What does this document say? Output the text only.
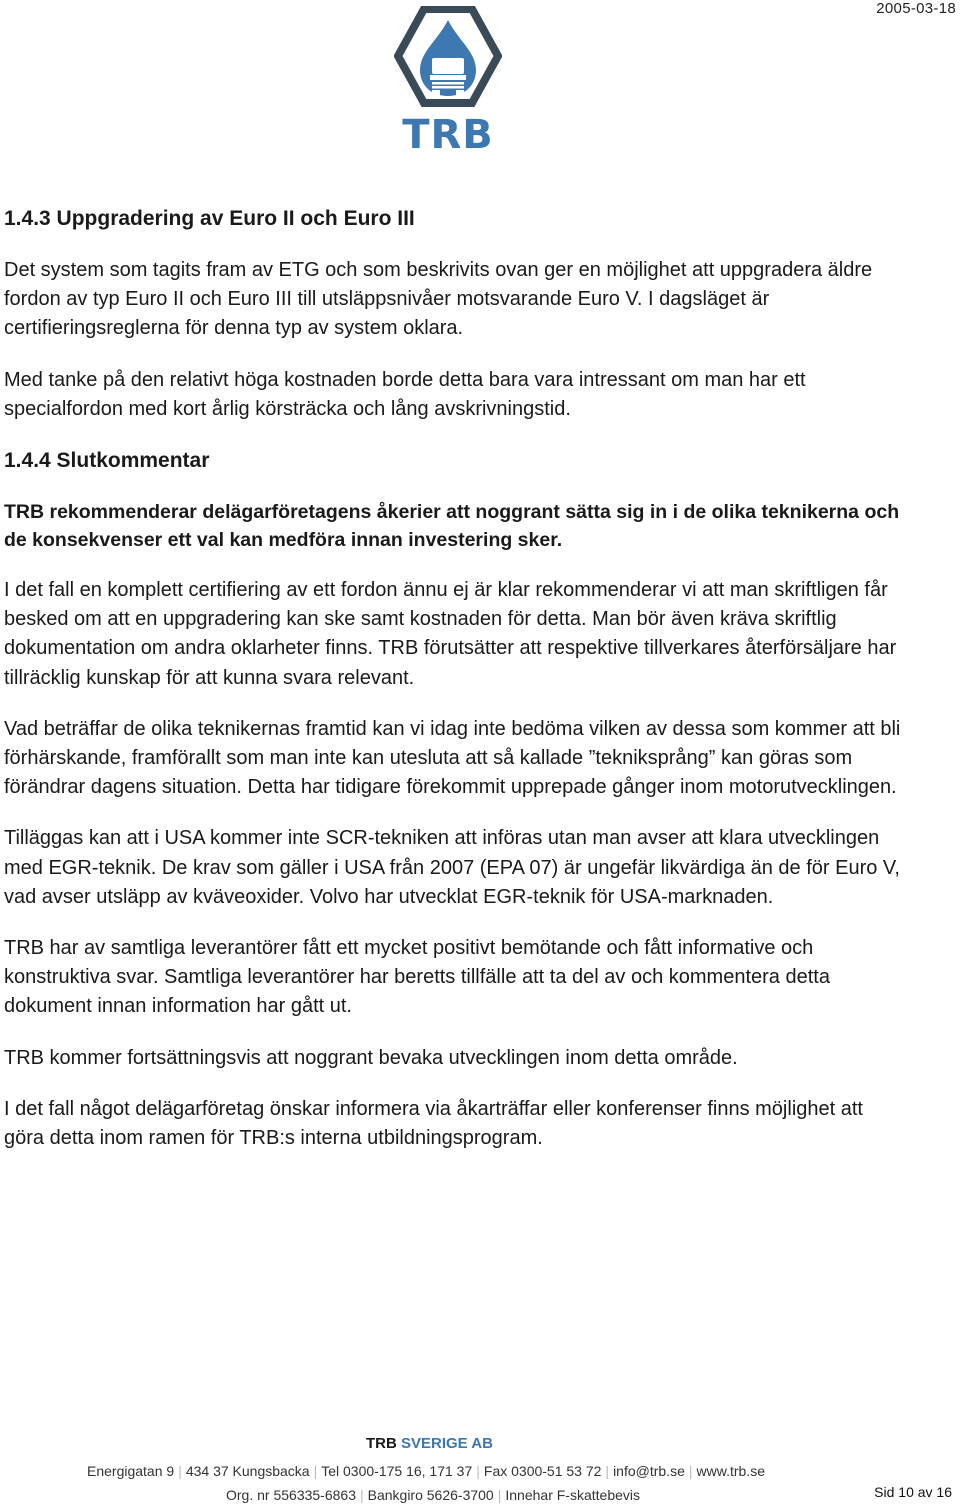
2005-03-18
TRB
1.4.3 Uppgradering av Euro II och Euro III

Det system som tagits fram av ETG och som beskrivits ovan ger en möjlighet att uppgradera äldre fordon av typ Euro II och Euro III till utsläppsnivåer motsvarande Euro V. I dagsläget är certifieringsreglerna för denna typ av system oklara.

Med tanke på den relativt höga kostnaden borde detta bara vara intressant om man har ett specialfordon med kort årlig körsträcka och lång avskrivningstid.

1.4.4 Slutkommentar

TRB rekommenderar delägarföretagens åkerier att noggrant sätta sig in i de olika teknikerna och de konsekvenser ett val kan medföra innan investering sker.

I det fall en komplett certifiering av ett fordon ännu ej är klar rekommenderar vi att man skriftligen får besked om att en uppgradering kan ske samt kostnaden för detta. Man bör även kräva skriftlig dokumentation om andra oklarheter finns. TRB förutsätter att respektive tillverkares återförsäljare har tillräcklig kunskap för att kunna svara relevant.

Vad beträffar de olika teknikernas framtid kan vi idag inte bedöma vilken av dessa som kommer att bli förhärskande, framförallt som man inte kan utesluta att så kallade ”tekniksprång” kan göras som förändrar dagens situation. Detta har tidigare förekommit upprepade gånger inom motorutvecklingen.

Tilläggas kan att i USA kommer inte SCR-tekniken att införas utan man avser att klara utvecklingen med EGR-teknik. De krav som gäller i USA från 2007 (EPA 07) är ungefär likvärdiga än de för Euro V, vad avser utsläpp av kväveoxider. Volvo har utvecklat EGR-teknik för USA-marknaden.

TRB har av samtliga leverantörer fått ett mycket positivt bemötande och fått informative och konstruktiva svar. Samtliga leverantörer har beretts tillfälle att ta del av och kommentera detta dokument innan information har gått ut.

TRB kommer fortsättningsvis att noggrant bevaka utvecklingen inom detta område.

I det fall något delägarföretag önskar informera via åkarträffar eller konferenser finns möjlighet att göra detta inom ramen för TRB:s interna utbildningsprogram.

TRB SVERIGE AB
Energigatan 9 | 434 37 Kungsbacka | Tel 0300-175 16, 171 37 | Fax 0300-51 53 72 | info@trb.se | www.trb.se
Org. nr 556335-6863 | Bankgiro 5626-3700 | Innehar F-skattebevis	Sid 10 av 16
